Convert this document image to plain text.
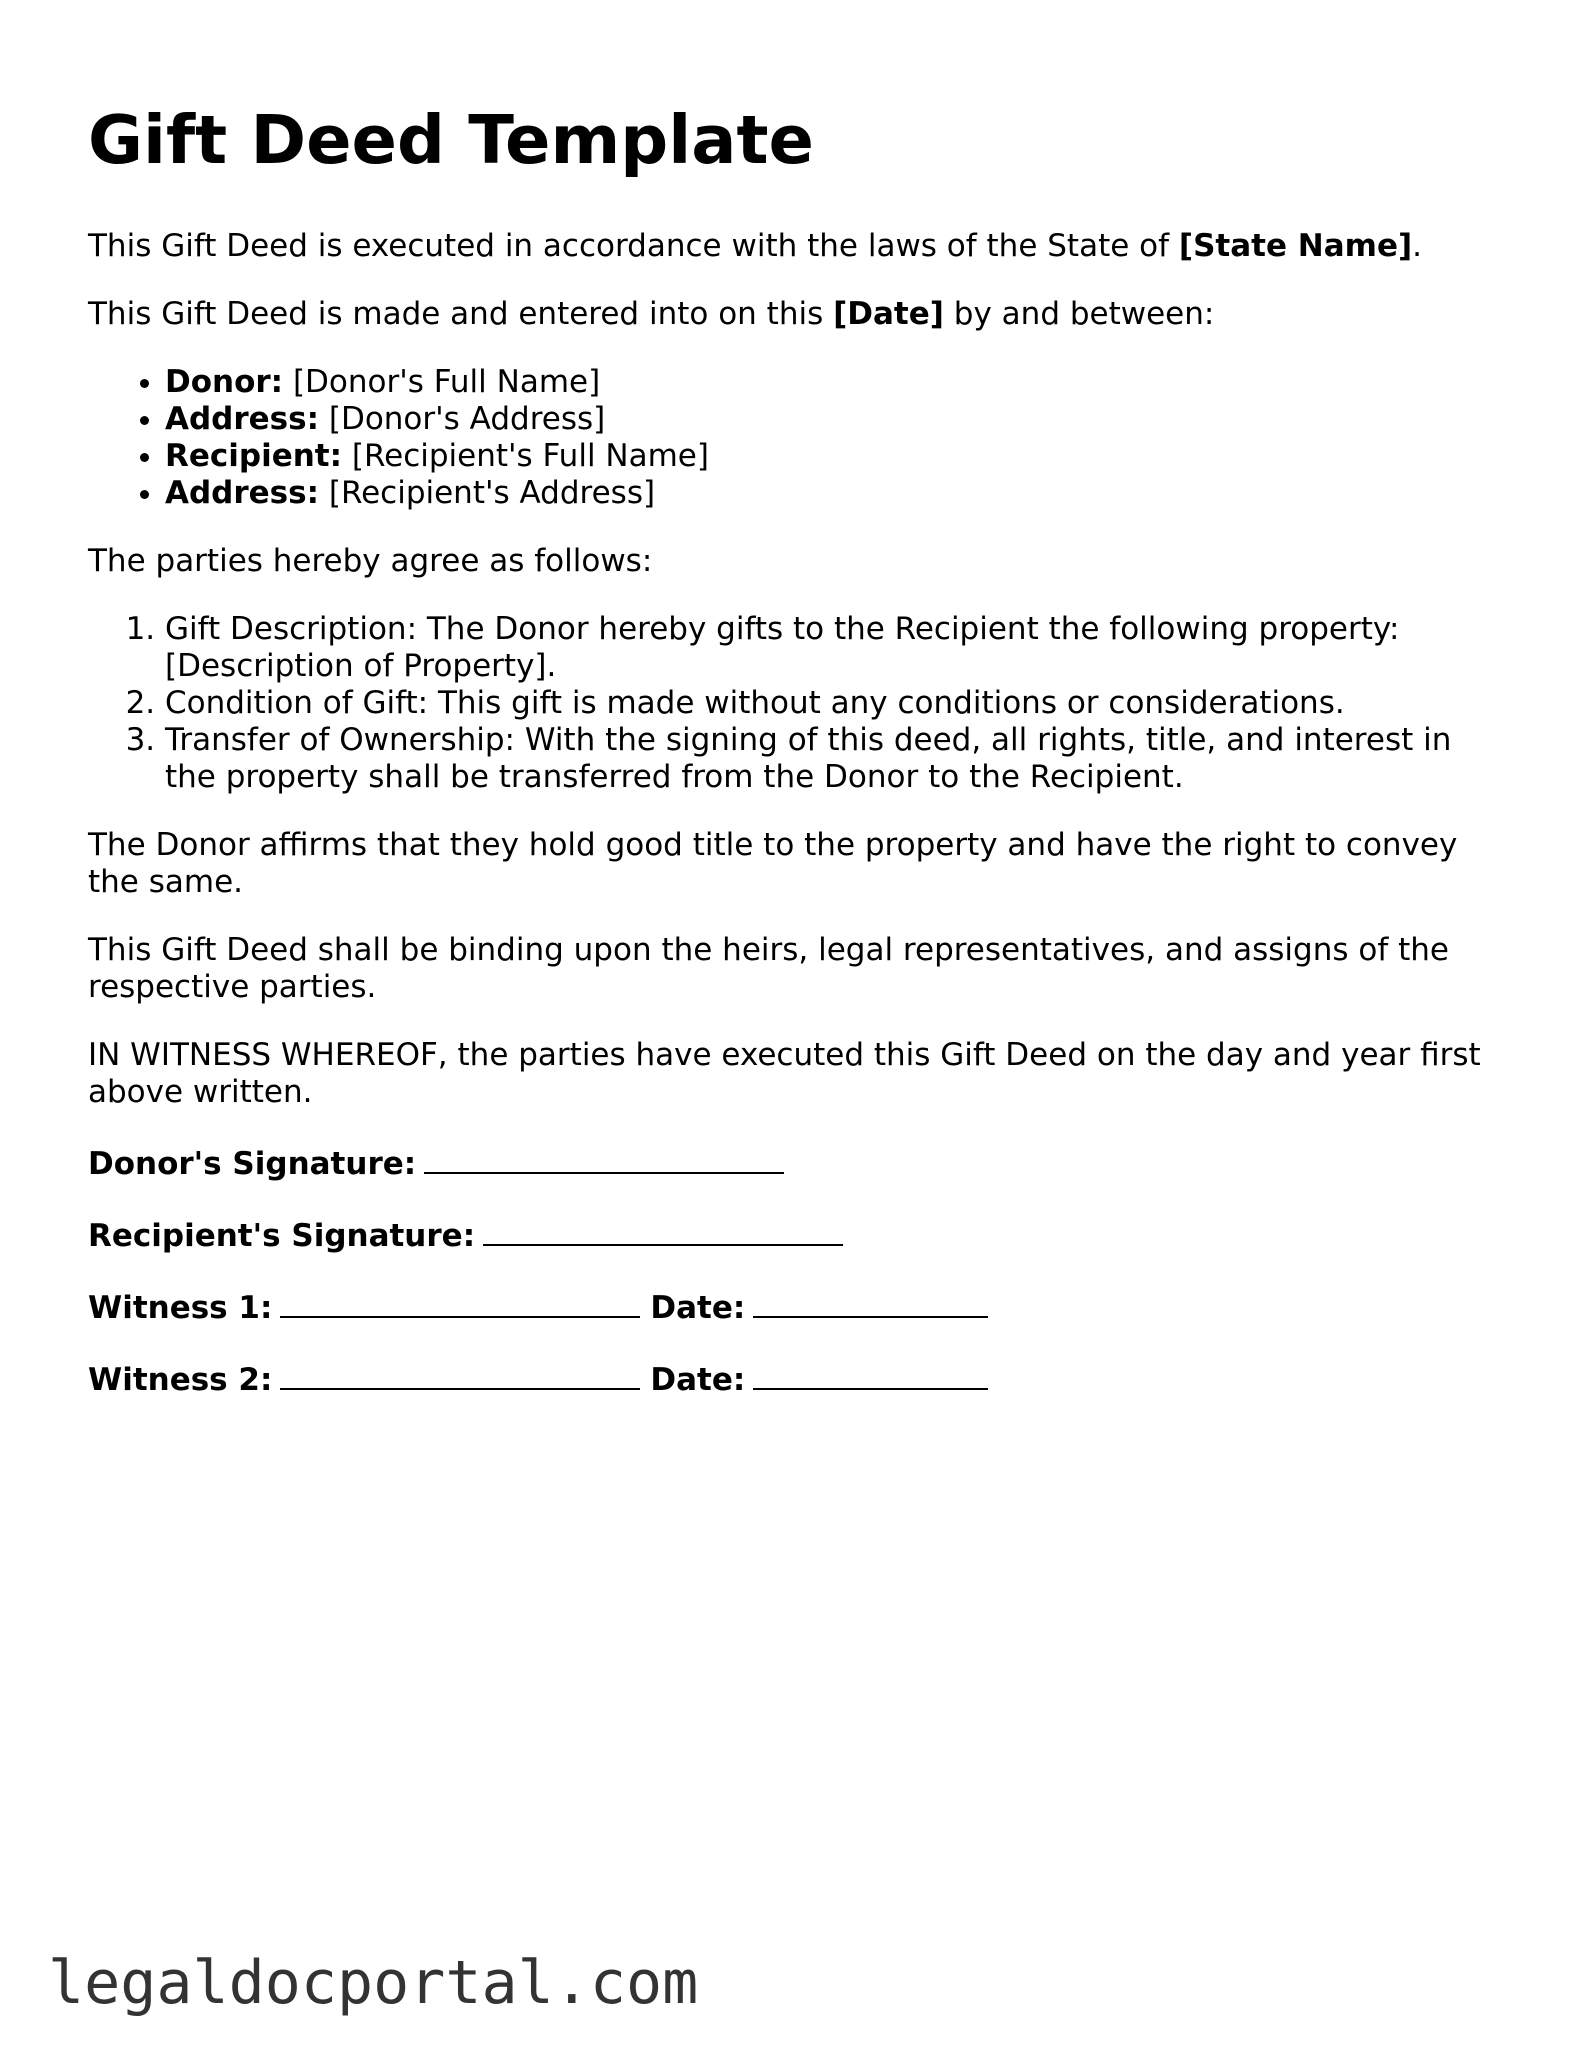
Gift Deed Template

This Gift Deed is executed in accordance with the laws of the State of [State Name].

This Gift Deed is made and entered into on this [Date] by and between:

• Donor: [Donor's Full Name]
• Address: [Donor's Address]
• Recipient: [Recipient's Full Name]
• Address: [Recipient's Address]

The parties hereby agree as follows:

1. Gift Description: The Donor hereby gifts to the Recipient the following property: [Description of Property].
2. Condition of Gift: This gift is made without any conditions or considerations.
3. Transfer of Ownership: With the signing of this deed, all rights, title, and interest in the property shall be transferred from the Donor to the Recipient.

The Donor affirms that they hold good title to the property and have the right to convey the same.

This Gift Deed shall be binding upon the heirs, legal representatives, and assigns of the respective parties.

IN WITNESS WHEREOF, the parties have executed this Gift Deed on the day and year first above written.

Donor's Signature:
Recipient's Signature:
Witness 1:	Date:
Witness 2:	Date:
legaldocportal.com
